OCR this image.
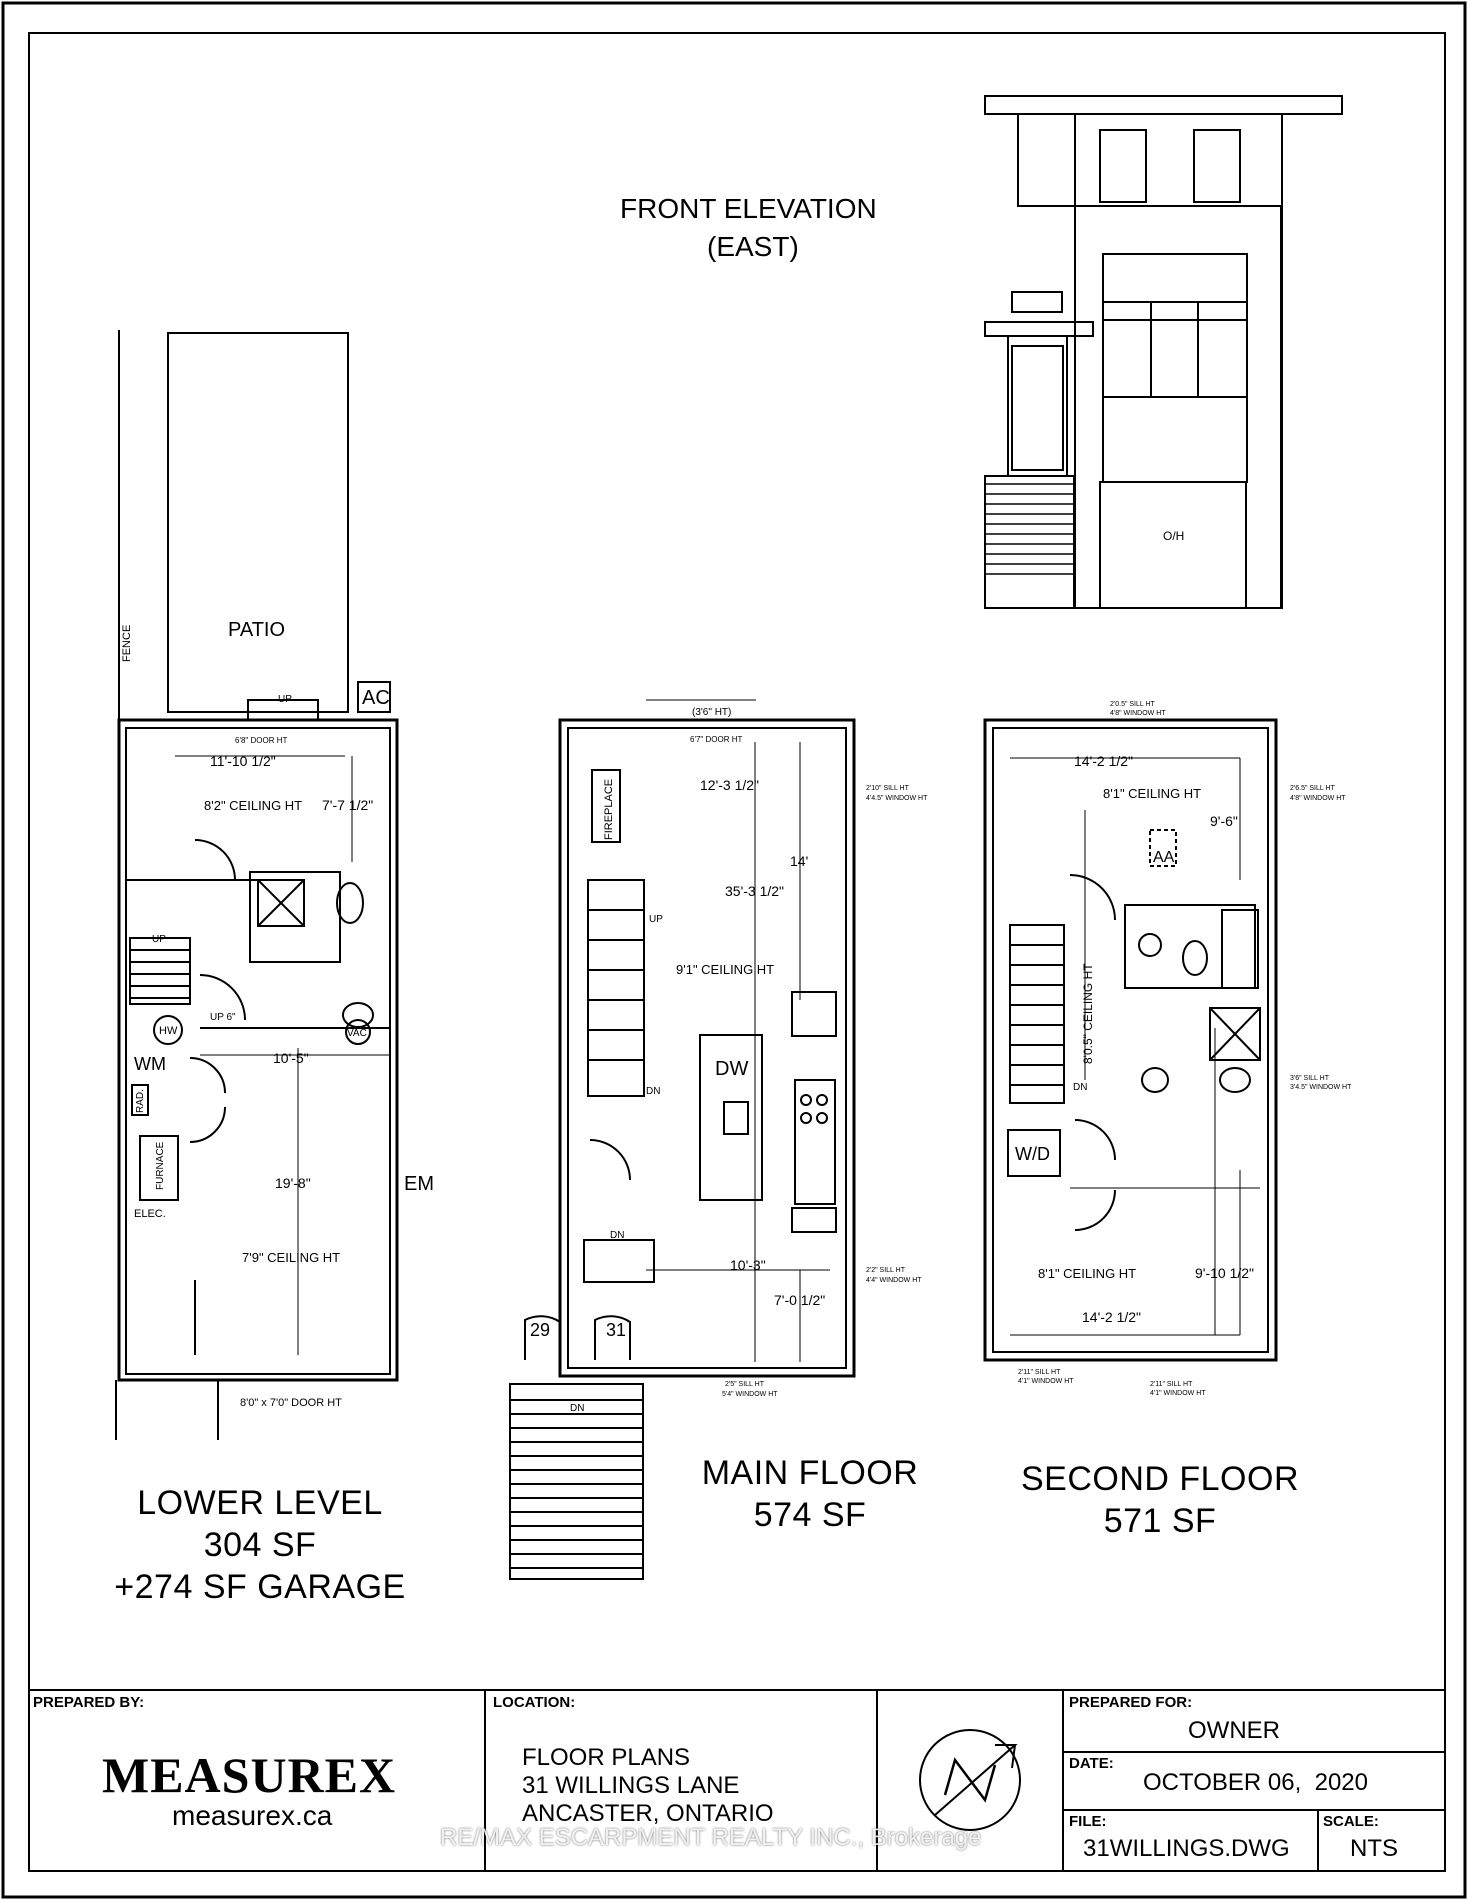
FRONT ELEVATION
(EAST)
O/H
PATIO
FENCE
AC
UP
6'8" DOOR HT
11'-10 1/2"
8'2" CEILING HT 7'-7 1/2"
UP
UP 6"
HW	VAC
WM	10'-5"
RAD.
FURNACE	19'-8"	EM
ELEC.
7'9" CEILING HT
8'0" x 7'0" DOOR HT
(3'6" HT)
6'7" DOOR HT
FIREPLACE	12'-3 1/2"	2'10" SILL HT
4'4.5" WINDOW HT
14'
35'-3 1/2"
UP
9'1" CEILING HT
DW
DN
DN
10'-3"	2'2" SILL HT
4'4" WINDOW HT
7'-0 1/2"
29	31
DN
2'5" SILL HT
5'4" WINDOW HT
2'0.5" SILL HT
4'8" WINDOW HT
14'-2 1/2"
2'6.5" SILL HT
4'8" WINDOW HT
8'1" CEILING HT
9'-6"
AA
8'0.5" CEILING HT
DN
3'6" SILL HT
3'4.5" WINDOW HT
W/D
8'1" CEILING HT	9'-10 1/2"
14'-2 1/2"
2'11" SILL HT
4'1" WINDOW HT	2'11" SILL HT
4'1" WINDOW HT
LOWER LEVEL
304 SF
+274 SF GARAGE
MAIN FLOOR
574 SF
SECOND FLOOR
571 SF
PREPARED BY:
MEASUREX
measurex.ca
LOCATION:
FLOOR PLANS
31 WILLINGS LANE
ANCASTER, ONTARIO
PREPARED FOR:
OWNER
DATE:
OCTOBER 06,  2020
FILE:
31WILLINGS.DWG
SCALE:
NTS
RE/MAX ESCARPMENT REALTY INC., Brokerage
